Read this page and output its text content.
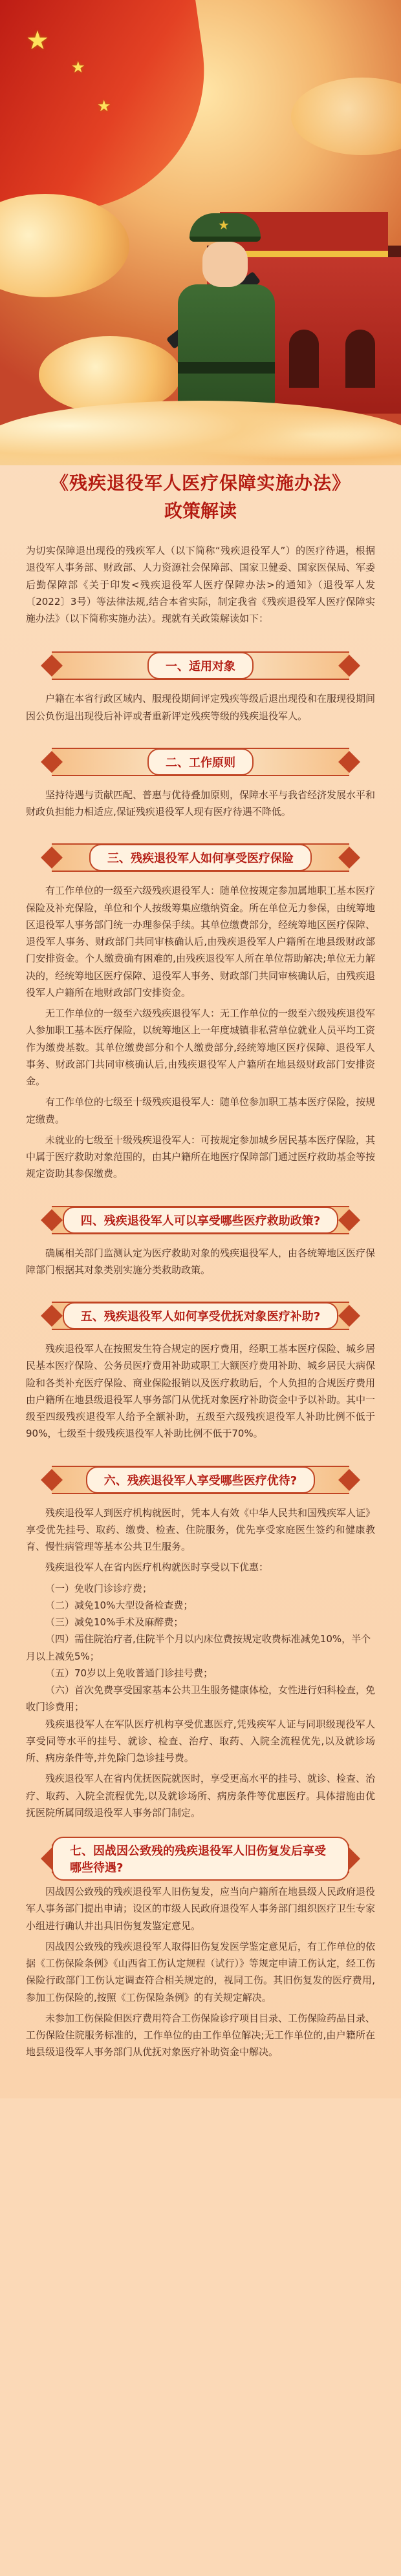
★
★
★
★
《残疾退役军人医疗保障实施办法》
政策解读
为切实保障退出现役的残疾军人（以下简称“残疾退役军人”）的医疗待遇，根据退役军人事务部、财政部、人力资源社会保障部、国家卫健委、国家医保局、军委后勤保障部《关于印发<残疾退役军人医疗保障办法>的通知》（退役军人发〔2022〕3号）等法律法规,结合本省实际，制定我省《残疾退役军人医疗保障实施办法》（以下简称实施办法）。现就有关政策解读如下：
一、适用对象

户籍在本省行政区域内、服现役期间评定残疾等级后退出现役和在服现役期间因公负伤退出现役后补评或者重新评定残疾等级的残疾退役军人。

二、工作原则

坚持待遇与贡献匹配、普惠与优待叠加原则，保障水平与我省经济发展水平和财政负担能力相适应,保证残疾退役军人现有医疗待遇不降低。

三、残疾退役军人如何享受医疗保险

有工作单位的一级至六级残疾退役军人：随单位按规定参加属地职工基本医疗保险及补充保险，单位和个人按级筹集应缴纳资金。所在单位无力参保，由统筹地区退役军人事务部门统一办理参保手续。其单位缴费部分，经统筹地区医疗保障、退役军人事务、财政部门共同审核确认后,由残疾退役军人户籍所在地县级财政部门安排资金。个人缴费确有困难的,由残疾退役军人所在单位帮助解决;单位无力解决的，经统筹地区医疗保障、退役军人事务、财政部门共同审核确认后，由残疾退役军人户籍所在地财政部门安排资金。

无工作单位的一级至六级残疾退役军人：无工作单位的一级至六级残疾退役军人参加职工基本医疗保险，以统筹地区上一年度城镇非私营单位就业人员平均工资作为缴费基数。其单位缴费部分和个人缴费部分,经统筹地区医疗保障、退役军人事务、财政部门共同审核确认后,由残疾退役军人户籍所在地县级财政部门安排资金。

有工作单位的七级至十级残疾退役军人：随单位参加职工基本医疗保险，按规定缴费。

未就业的七级至十级残疾退役军人：可按规定参加城乡居民基本医疗保险，其中属于医疗救助对象范围的，由其户籍所在地医疗保障部门通过医疗救助基金等按规定资助其参保缴费。

四、残疾退役军人可以享受哪些医疗救助政策?

确属相关部门监测认定为医疗救助对象的残疾退役军人，由各统筹地区医疗保障部门根据其对象类别实施分类救助政策。

五、残疾退役军人如何享受优抚对象医疗补助?

残疾退役军人在按照发生符合规定的医疗费用，经职工基本医疗保险、城乡居民基本医疗保险、公务员医疗费用补助或职工大额医疗费用补助、城乡居民大病保险和各类补充医疗保险、商业保险报销以及医疗救助后，个人负担的合规医疗费用由户籍所在地县级退役军人事务部门从优抚对象医疗补助资金中予以补助。其中一级至四级残疾退役军人给予全额补助，五级至六级残疾退役军人补助比例不低于90%，七级至十级残疾退役军人补助比例不低于70%。

六、残疾退役军人享受哪些医疗优待?

残疾退役军人到医疗机构就医时，凭本人有效《中华人民共和国残疾军人证》享受优先挂号、取药、缴费、检查、住院服务，优先享受家庭医生签约和健康教育、慢性病管理等基本公共卫生服务。

残疾退役军人在省内医疗机构就医时享受以下优惠：

（一）免收门诊诊疗费；

（二）减免10%大型设备检查费；

（三）减免10%手术及麻醉费；

（四）需住院治疗者,住院半个月以内床位费按规定收费标准减免10%，半个月以上减免5%；

（五）70岁以上免收普通门诊挂号费；

（六）首次免费享受国家基本公共卫生服务健康体检，女性进行妇科检查，免收门诊费用；

残疾退役军人在军队医疗机构享受优惠医疗,凭残疾军人证与同职级现役军人享受同等水平的挂号、就诊、检查、治疗、取药、入院全流程优先,以及就诊场所、病房条件等,并免除门急诊挂号费。

残疾退役军人在省内优抚医院就医时，享受更高水平的挂号、就诊、检查、治疗、取药、入院全流程优先,以及就诊场所、病房条件等优惠医疗。具体措施由优抚医院所属同级退役军人事务部门制定。

七、因战因公致残的残疾退役军人旧伤复发后享受哪些待遇?

因战因公致残的残疾退役军人旧伤复发，应当向户籍所在地县级人民政府退役军人事务部门提出申请；设区的市级人民政府退役军人事务部门组织医疗卫生专家小组进行确认并出具旧伤复发鉴定意见。

因战因公致残的残疾退役军人取得旧伤复发医学鉴定意见后，有工作单位的依据《工伤保险条例》《山西省工伤认定规程（试行）》等规定申请工伤认定，经工伤保险行政部门工伤认定调查符合相关规定的，视同工伤。其旧伤复发的医疗费用,参加工伤保险的,按照《工伤保险条例》的有关规定解决。

未参加工伤保险但医疗费用符合工伤保险诊疗项目目录、工伤保险药品目录、工伤保险住院服务标准的，工作单位的由工作单位解决;无工作单位的,由户籍所在地县级退役军人事务部门从优抚对象医疗补助资金中解决。
